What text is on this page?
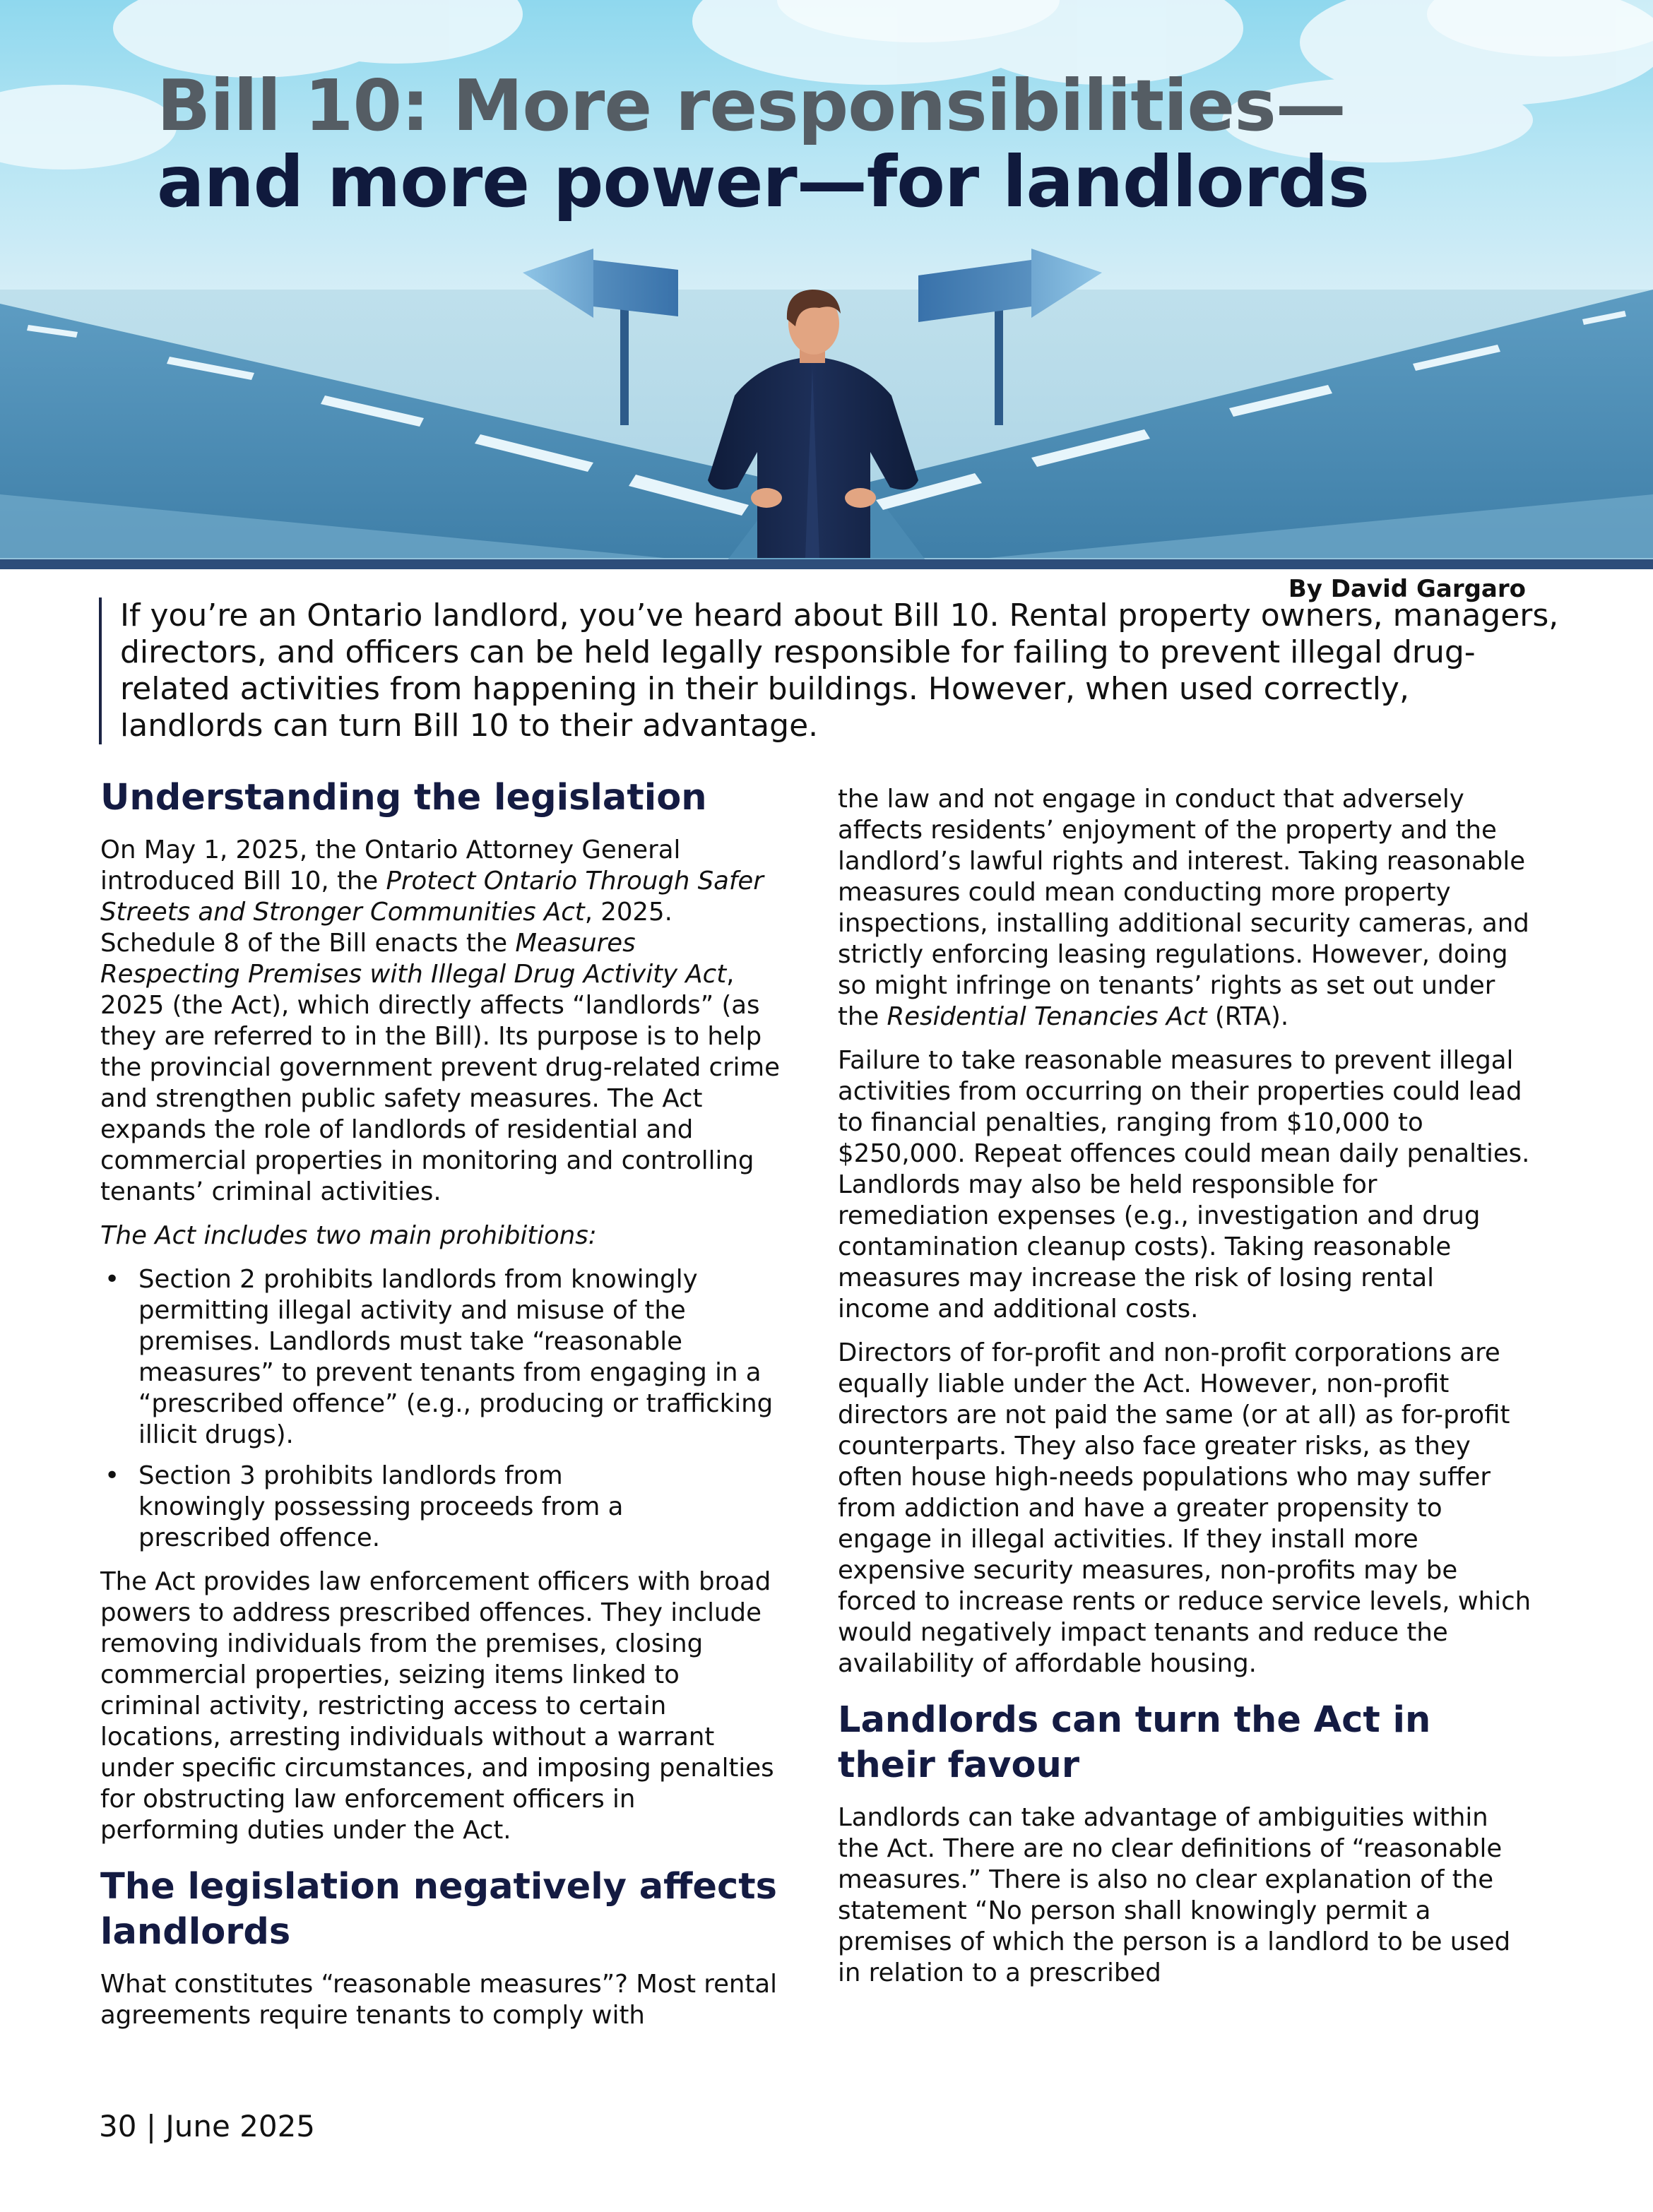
Bill 10: More responsibilities—
and more power—for landlords
By David Gargaro

If you’re an Ontario landlord, you’ve heard about Bill 10. Rental property owners, managers, directors, and officers can be held legally responsible for failing to prevent illegal drug-related activities from happening in their buildings. However, when used correctly, landlords can turn Bill 10 to their advantage.

Understanding the legislation

On May 1, 2025, the Ontario Attorney General introduced Bill 10, the Protect Ontario Through Safer Streets and Stronger Communities Act, 2025. Schedule 8 of the Bill enacts the Measures Respecting Premises with Illegal Drug Activity Act, 2025 (the Act), which directly affects “landlords” (as they are referred to in the Bill). Its purpose is to help the provincial government prevent drug-related crime and strengthen public safety measures. The Act expands the role of landlords of residential and commercial properties in monitoring and controlling tenants’ criminal activities.

The Act includes two main prohibitions:

• Section 2 prohibits landlords from knowingly permitting illegal activity and misuse of the premises. Landlords must take “reasonable measures” to prevent tenants from engaging in a “prescribed offence” (e.g., producing or trafficking illicit drugs).
• Section 3 prohibits landlords from knowingly possessing proceeds from a prescribed offence.

The Act provides law enforcement officers with broad powers to address prescribed offences. They include removing individuals from the premises, closing commercial properties, seizing items linked to criminal activity, restricting access to certain locations, arresting individuals without a warrant under specific circumstances, and imposing penalties for obstructing law enforcement officers in performing duties under the Act.

The legislation negatively affects landlords

What constitutes “reasonable measures”? Most rental agreements require tenants to comply with

the law and not engage in conduct that adversely affects residents’ enjoyment of the property and the landlord’s lawful rights and interest. Taking reasonable measures could mean conducting more property inspections, installing additional security cameras, and strictly enforcing leasing regulations. However, doing so might infringe on tenants’ rights as set out under the Residential Tenancies Act (RTA).

Failure to take reasonable measures to prevent illegal activities from occurring on their properties could lead to financial penalties, ranging from $10,000 to $250,000. Repeat offences could mean daily penalties. Landlords may also be held responsible for remediation expenses (e.g., investigation and drug contamination cleanup costs). Taking reasonable measures may increase the risk of losing rental income and additional costs.

Directors of for-profit and non-profit corporations are equally liable under the Act. However, non-profit directors are not paid the same (or at all) as for-profit counterparts. They also face greater risks, as they often house high-needs populations who may suffer from addiction and have a greater propensity to engage in illegal activities. If they install more expensive security measures, non-profits may be forced to increase rents or reduce service levels, which would negatively impact tenants and reduce the availability of affordable housing.

Landlords can turn the Act in their favour

Landlords can take advantage of ambiguities within the Act. There are no clear definitions of “reasonable measures.” There is also no clear explanation of the statement “No person shall knowingly permit a premises of which the person is a landlord to be used in relation to a prescribed

30 | June 2025
